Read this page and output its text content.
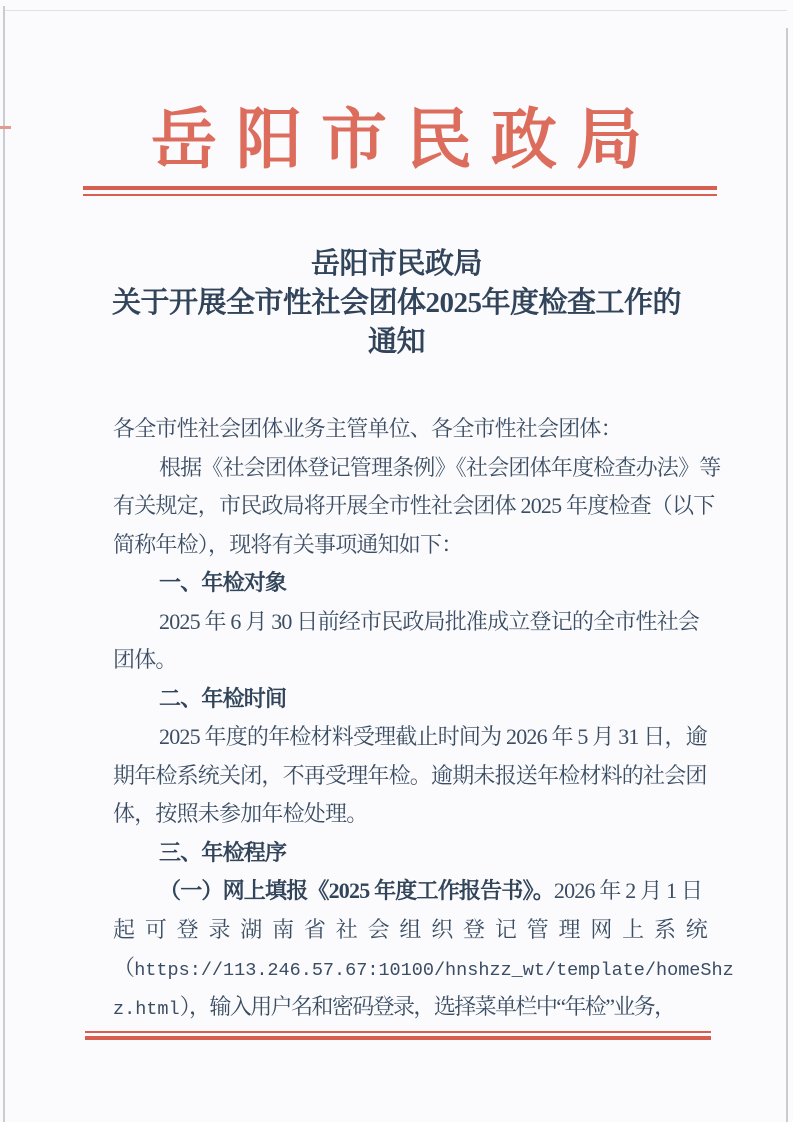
岳阳市民政局
岳阳市民政局
关于开展全市性社会团体2025年度检查工作的
通知
各全市性社会团体业务主管单位、各全市性社会团体：
根据《社会团体登记管理条例》《社会团体年度检查办法》等
有关规定，市民政局将开展全市性社会团体 2025 年度检查（以下
简称年检），现将有关事项通知如下：
一、年检对象
2025 年 6 月 30 日前经市民政局批准成立登记的全市性社会
团体。
二、年检时间
2025 年度的年检材料受理截止时间为 2026 年 5 月 31 日，逾
期年检系统关闭，不再受理年检。逾期未报送年检材料的社会团
体，按照未参加年检处理。
三、年检程序
（一）网上填报《2025 年度工作报告书》。2026 年 2 月 1 日
起可登录湖南省社会组织登记管理网上系统
（https://113.246.57.67:10100/hnshzz_wt/template/homeShz
z.html），输入用户名和密码登录，选择菜单栏中“年检”业务，
